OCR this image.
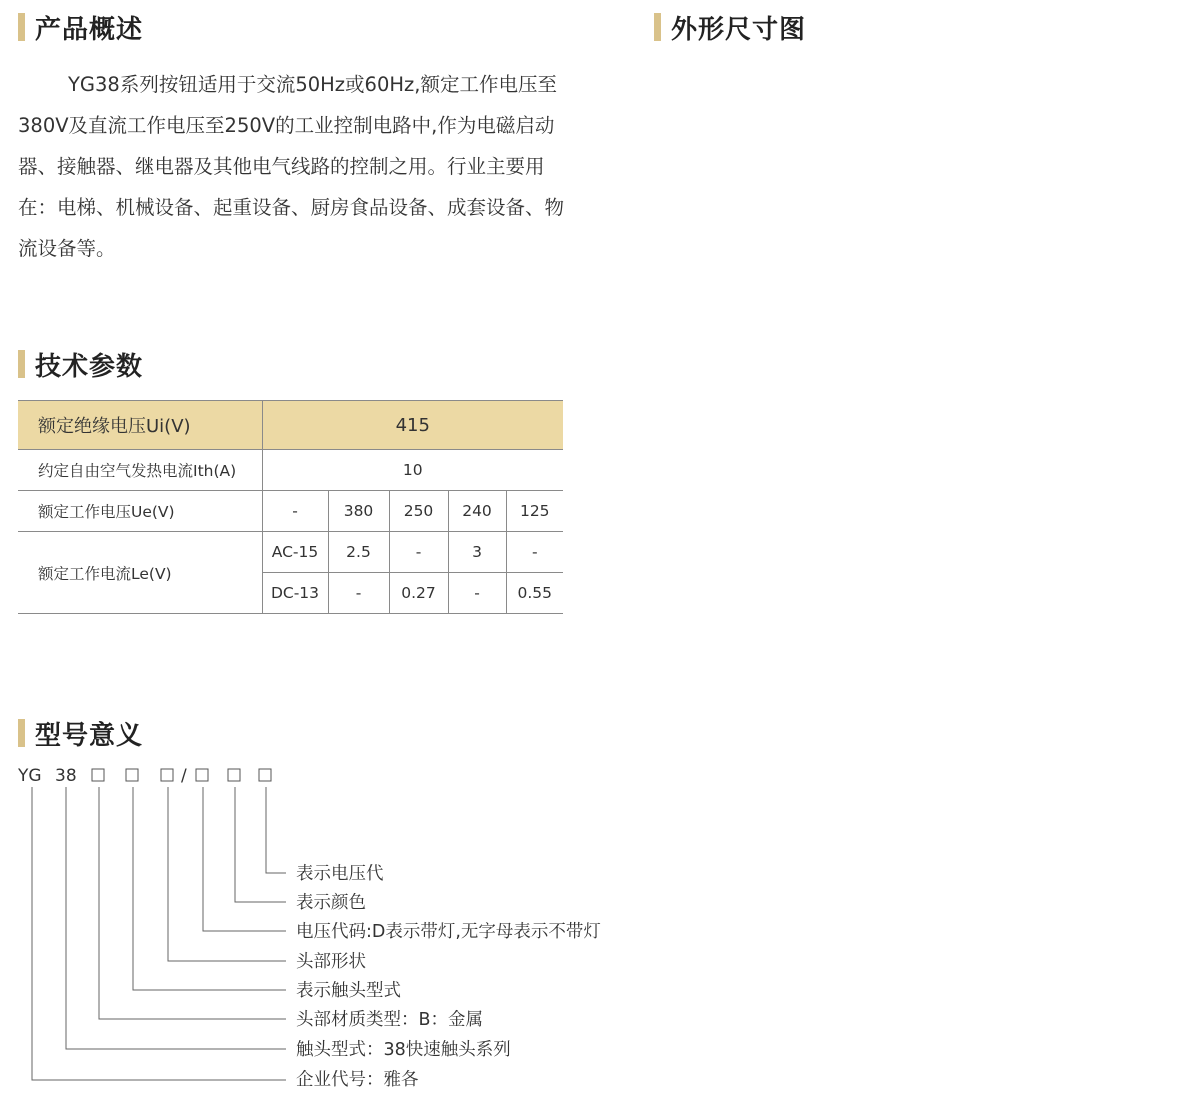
产品概述

YG38系列按钮适用于交流50Hz或60Hz,额定工作电压至380V及直流工作电压至250V的工业控制电路中,作为电磁启动器、接触器、继电器及其他电气线路的控制之用。行业主要用在：电梯、机械设备、起重设备、厨房食品设备、成套设备、物流设备等。

外形尺寸图
技术参数
额定绝缘电压Ui(V)	415				
约定自由空气发热电流Ith(A)	10				
额定工作电压Ue(V)	-	380	250	240	125
额定工作电流Le(V)	AC-15	2.5	-	3	-
	DC-13	-	0.27	-	0.55
型号意义
YG 38	/
表示电压代
表示颜色
电压代码:D表示带灯,无字母表示不带灯
头部形状
表示触头型式
头部材质类型：B：金属
触头型式：38快速触头系列
企业代号：雅各
